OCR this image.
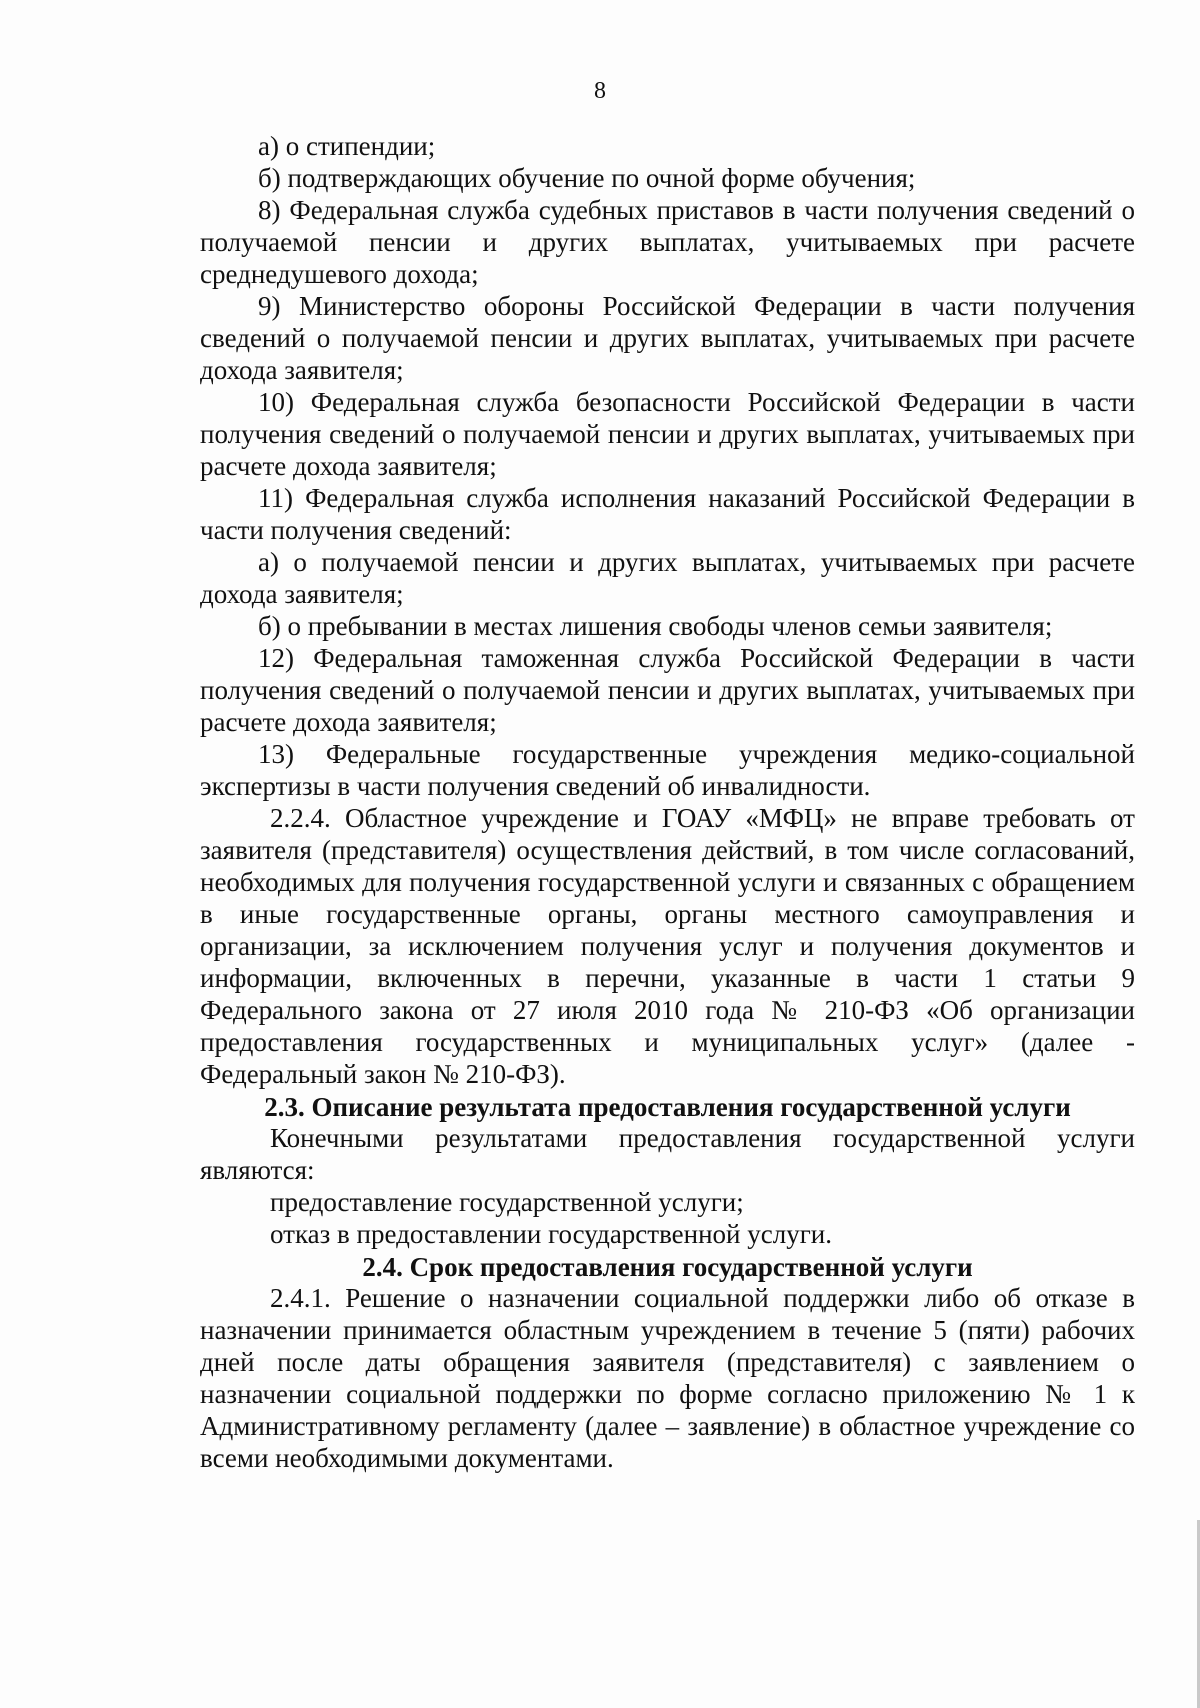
8

а) о стипендии;

б) подтверждающих обучение по очной форме обучения;

8) Федеральная служба судебных приставов в части получения сведений о получаемой пенсии и других выплатах, учитываемых при расчете среднедушевого дохода;

9) Министерство обороны Российской Федерации в части получения сведений о получаемой пенсии и других выплатах, учитываемых при расчете дохода заявителя;

10) Федеральная служба безопасности Российской Федерации в части получения сведений о получаемой пенсии и других выплатах, учитываемых при расчете дохода заявителя;

11) Федеральная служба исполнения наказаний Российской Федерации в части получения сведений:

а) о получаемой пенсии и других выплатах, учитываемых при расчете дохода заявителя;

б) о пребывании в местах лишения свободы членов семьи заявителя;

12) Федеральная таможенная служба Российской Федерации в части получения сведений о получаемой пенсии и других выплатах, учитываемых при расчете дохода заявителя;

13) Федеральные государственные учреждения медико-социальной экспертизы в части получения сведений об инвалидности.

2.2.4. Областное учреждение и ГОАУ «МФЦ» не вправе требовать от заявителя (представителя) осуществления действий, в том числе согласований, необходимых для получения государственной услуги и связанных с обращением в иные государственные органы, органы местного самоуправления и организации, за исключением получения услуг и получения документов и информации, включенных в перечни, указанные в части 1 статьи 9 Федерального закона от 27 июля 2010 года № 210-ФЗ «Об организации предоставления государственных и муниципальных услуг» (далее - Федеральный закон № 210-ФЗ).

2.3. Описание результата предоставления государственной услуги

Конечными результатами предоставления государственной услуги являются:

предоставление государственной услуги;

отказ в предоставлении государственной услуги.

2.4. Срок предоставления государственной услуги

2.4.1. Решение о назначении социальной поддержки либо об отказе в назначении принимается областным учреждением в течение 5 (пяти) рабочих дней после даты обращения заявителя (представителя) с заявлением о назначении социальной поддержки по форме согласно приложению № 1 к Административному регламенту (далее – заявление) в областное учреждение со всеми необходимыми документами.
